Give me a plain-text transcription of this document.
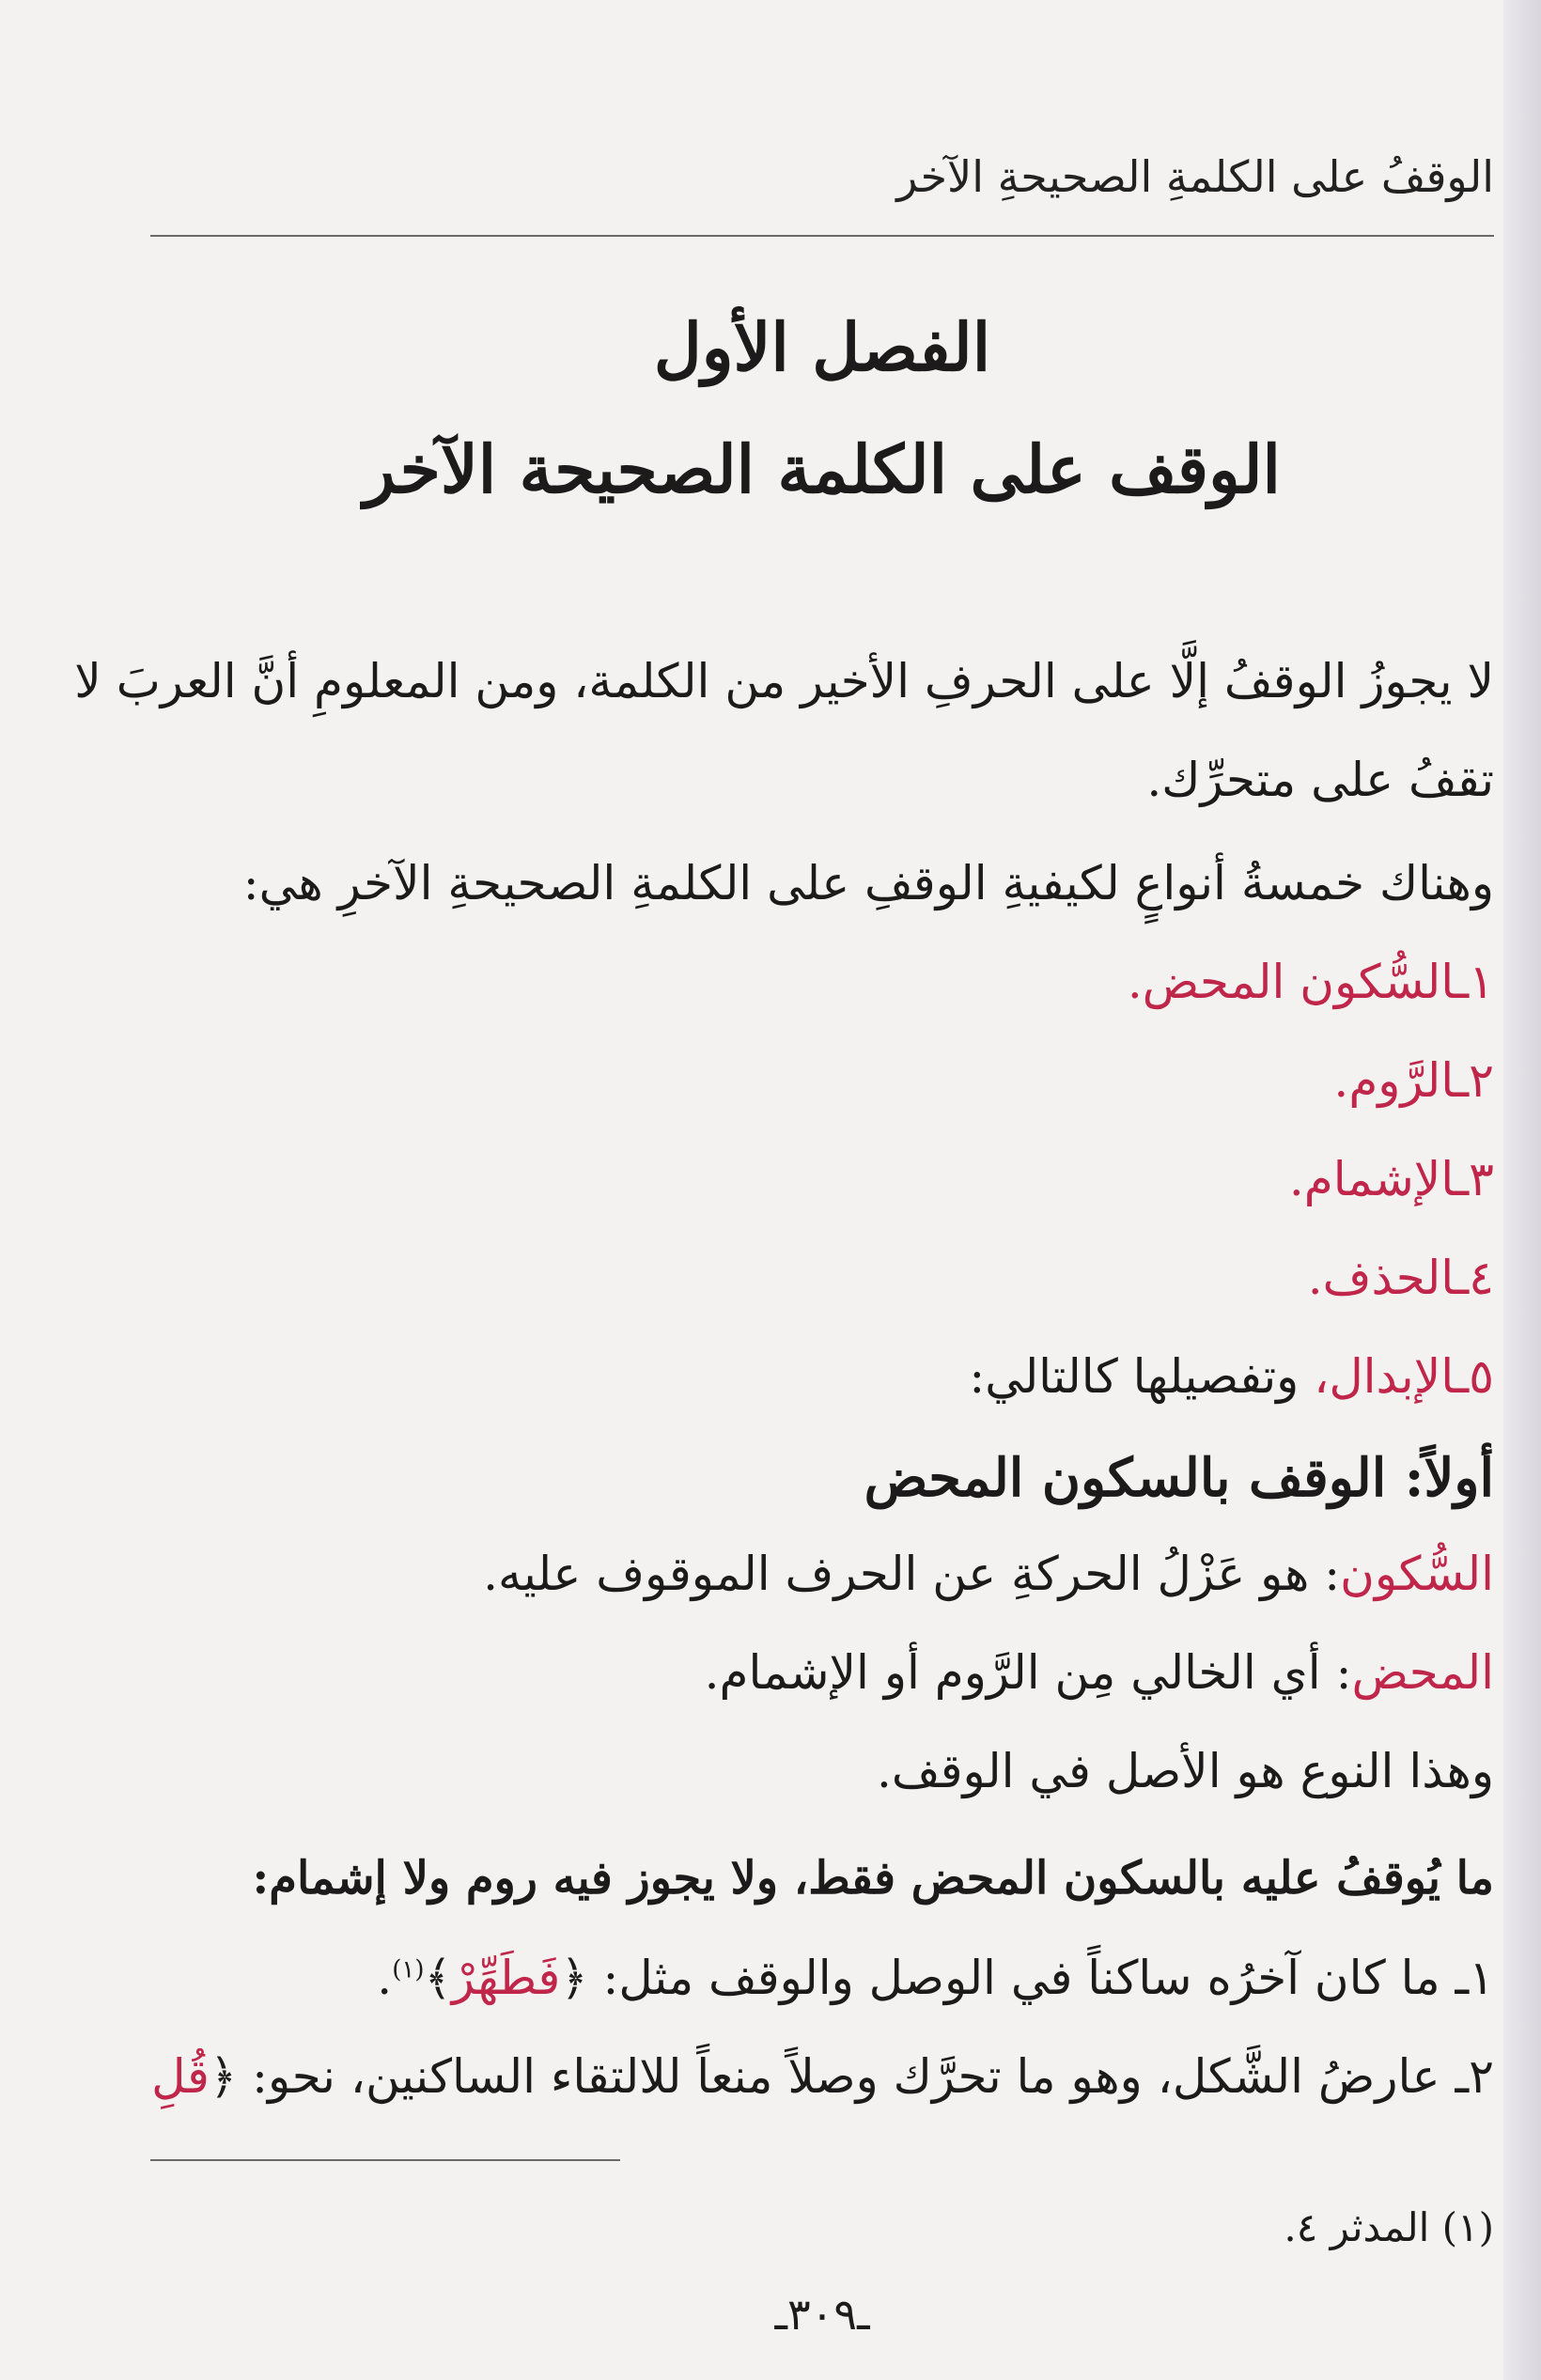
الوقفُ على الكلمةِ الصحيحةِ الآخر
الفصل الأول
الوقف على الكلمة الصحيحة الآخر
لا يجوزُ الوقفُ إلَّا على الحرفِ الأخير من الكلمة، ومن المعلومِ أنَّ العربَ لا
تقفُ على متحرِّك.
وهناك خمسةُ أنواعٍ لكيفيةِ الوقفِ على الكلمةِ الصحيحةِ الآخرِ هي:
١ـالسُّكون المحض.
٢ـالرَّوم.
٣ـالإشمام.
٤ـالحذف.
٥ـالإبدال، وتفصيلها كالتالي:
أولاً: الوقف بالسكون المحض
السُّكون: هو عَزْلُ الحركةِ عن الحرف الموقوف عليه.
المحض: أي الخالي مِن الرَّوم أو الإشمام.
وهذا النوع هو الأصل في الوقف.
ما يُوقفُ عليه بالسكون المحض فقط، ولا يجوز فيه روم ولا إشمام:
١ـ ما كان آخرُه ساكناً في الوصل والوقف مثل: ﴿فَطَهِّرْ﴾$^{(١)}$.
٢ـ عارضُ الشَّكل، وهو ما تحرَّك وصلاً منعاً للالتقاء الساكنين، نحو: ﴿قُلِ
(١) المدثر ٤.
ـ٣٠٩ـ
